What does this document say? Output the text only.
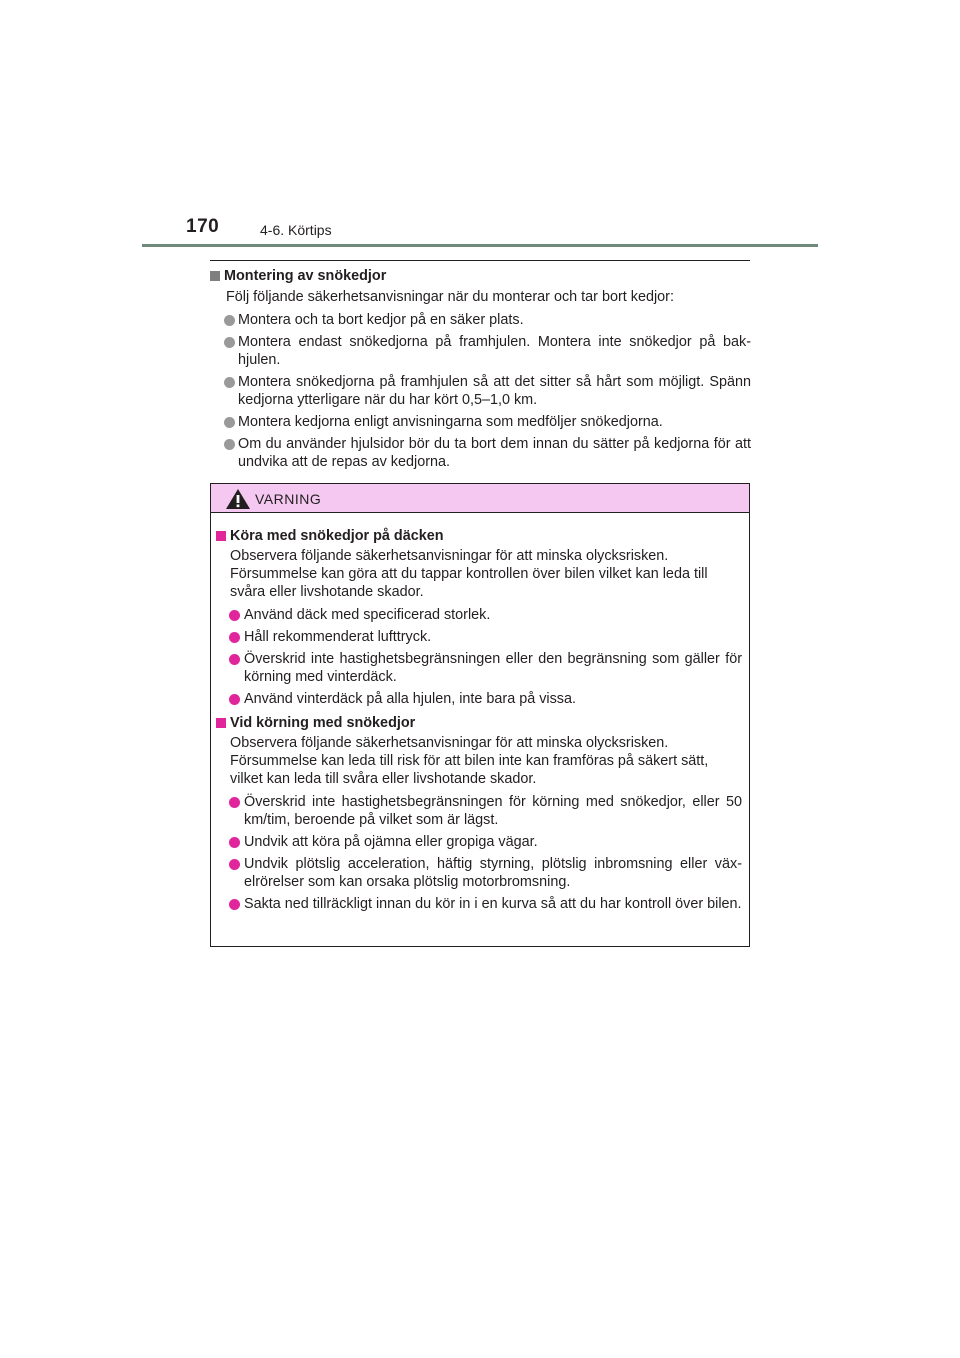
170	4-6. Körtips
Montering av snökedjor
Följ följande säkerhetsanvisningar när du monterar och tar bort kedjor:
Montera och ta bort kedjor på en säker plats.
Montera endast snökedjorna på framhjulen. Montera inte snökedjor på bak-hjulen.
Montera snökedjorna på framhjulen så att det sitter så hårt som möjligt. Spänn kedjorna ytterligare när du har kört 0,5–1,0 km.
Montera kedjorna enligt anvisningarna som medföljer snökedjorna.
Om du använder hjulsidor bör du ta bort dem innan du sätter på kedjorna för att undvika att de repas av kedjorna.
VARNING
Köra med snökedjor på däcken
Observera följande säkerhetsanvisningar för att minska olycksrisken. Försummelse kan göra att du tappar kontrollen över bilen vilket kan leda till svåra eller livshotande skador.
Använd däck med specificerad storlek.
Håll rekommenderat lufttryck.
Överskrid inte hastighetsbegränsningen eller den begränsning som gäller för körning med vinterdäck.
Använd vinterdäck på alla hjulen, inte bara på vissa.
Vid körning med snökedjor
Observera följande säkerhetsanvisningar för att minska olycksrisken. Försummelse kan leda till risk för att bilen inte kan framföras på säkert sätt, vilket kan leda till svåra eller livshotande skador.
Överskrid inte hastighetsbegränsningen för körning med snökedjor, eller 50 km/tim, beroende på vilket som är lägst.
Undvik att köra på ojämna eller gropiga vägar.
Undvik plötslig acceleration, häftig styrning, plötslig inbromsning eller väx-elrörelser som kan orsaka plötslig motorbromsning.
Sakta ned tillräckligt innan du kör in i en kurva så att du har kontroll över bilen.
